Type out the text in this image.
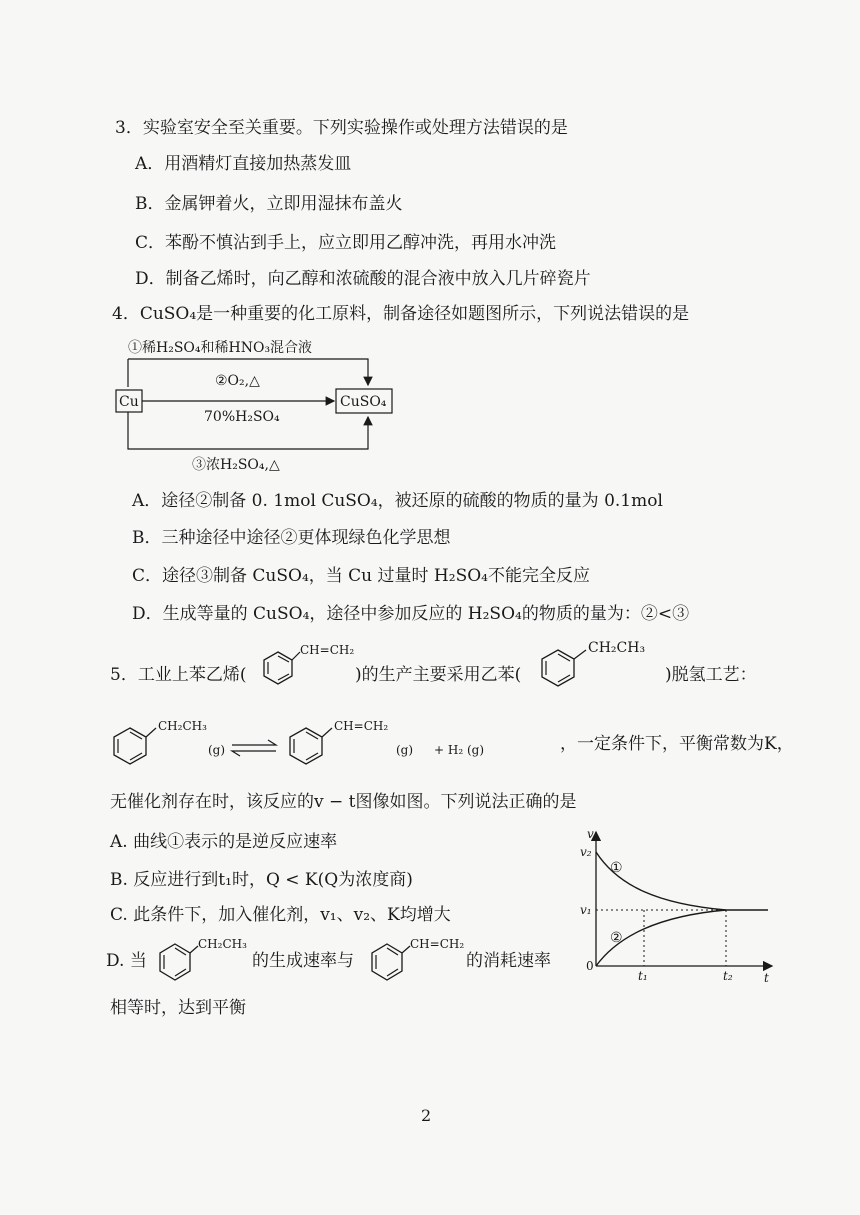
3．实验室安全至关重要。下列实验操作或处理方法错误的是
A．用酒精灯直接加热蒸发皿
B．金属钾着火，立即用湿抹布盖火
C．苯酚不慎沾到手上，应立即用乙醇冲洗，再用水冲洗
D．制备乙烯时，向乙醇和浓硫酸的混合液中放入几片碎瓷片
4．CuSO₄是一种重要的化工原料，制备途径如题图所示，下列说法错误的是
①稀H₂SO₄和稀HNO₃混合液
Cu
②O₂,△
70%H₂SO₄
CuSO₄
③浓H₂SO₄,△
A．途径②制备 0. 1mol CuSO₄，被还原的硫酸的物质的量为 0.1mol
B．三种途径中途径②更体现绿色化学思想
C．途径③制备 CuSO₄，当 Cu 过量时 H₂SO₄不能完全反应
D．生成等量的 CuSO₄，途径中参加反应的 H₂SO₄的物质的量为：②<③
5．工业上苯乙烯(
CH=CH₂
)的生产主要采用乙苯(
CH₂CH₃
)脱氢工艺：
CH₂CH₃
(g)
CH=CH₂
(g) + H₂ (g)	，一定条件下，平衡常数为K，
无催化剂存在时，该反应的v − t图像如图。下列说法正确的是
A. 曲线①表示的是逆反应速率
B. 反应进行到t₁时，Q < K(Q为浓度商)
C. 此条件下，加入催化剂，v₁、v₂、K均增大
D. 当
CH₂CH₃
的生成速率与
CH=CH₂
的消耗速率
相等时，达到平衡
v
t
0
v₂
v₁
t₁	t₂
①
②
2
